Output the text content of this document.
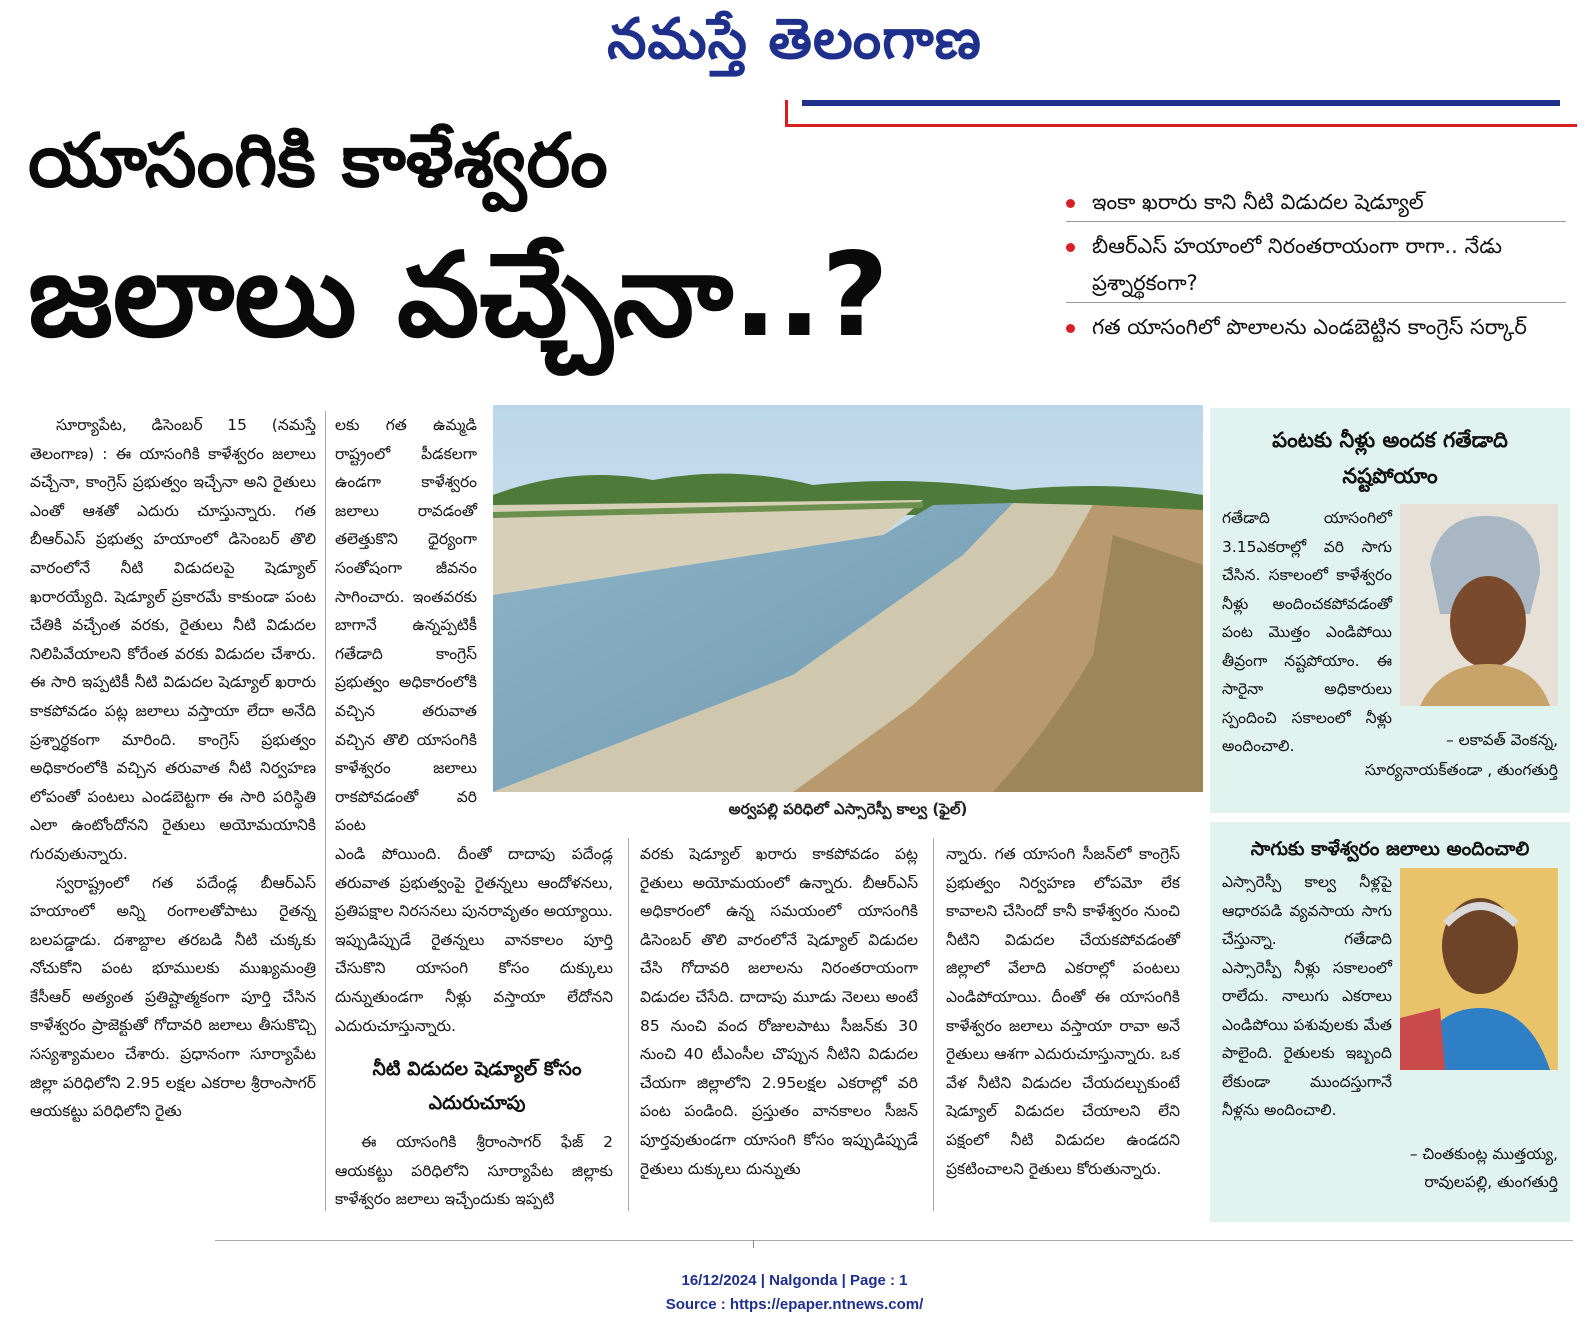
నమస్తే తెలంగాణ
యాసంగికి కాళేశ్వరం
జలాలు వచ్చేనా..?
ఇంకా ఖరారు కాని నీటి విడుదల షెడ్యూల్
బీఆర్ఎస్ హయాంలో నిరంతరాయంగా రాగా.. నేడు ప్రశ్నార్థకంగా?
గత యాసంగిలో పొలాలను ఎండబెట్టిన కాంగ్రెస్ సర్కార్

సూర్యాపేట, డిసెంబర్ 15 (నమస్తే తెలంగాణ) : ఈ యాసంగికి కాళేశ్వరం జలాలు వచ్చేనా, కాంగ్రెస్ ప్రభుత్వం ఇచ్చేనా అని రైతులు ఎంతో ఆశతో ఎదురు చూస్తున్నారు. గత బీఆర్ఎస్ ప్రభుత్వ హయాంలో డిసెంబర్ తొలి వారంలోనే నీటి విడుదలపై షెడ్యూల్ ఖరారయ్యేది. షెడ్యూల్ ప్రకారమే కాకుండా పంట చేతికి వచ్చేంత వరకు, రైతులు నీటి విడుదల నిలిపివేయాలని కోరేంత వరకు విడుదల చేశారు. ఈ సారి ఇప్పటికీ నీటి విడుదల షెడ్యూల్ ఖరారు కాకపోవడం పట్ల జలాలు వస్తాయా లేదా అనేది ప్రశ్నార్థకంగా మారింది. కాంగ్రెస్ ప్రభుత్వం అధికారంలోకి వచ్చిన తరువాత నీటి నిర్వహణ లోపంతో పంటలు ఎండబెట్టగా ఈ సారి పరిస్థితి ఎలా ఉంటోందోనని రైతులు అయోమయానికి గురవుతున్నారు.

స్వరాష్ట్రంలో గత పదేండ్ల బీఆర్ఎస్ హయాంలో అన్ని రంగాలతోపాటు రైతన్న బలపడ్డాడు. దశాబ్దాల తరబడి నీటి చుక్కకు నోచుకోని పంట భూములకు ముఖ్యమంత్రి కేసీఆర్ అత్యంత ప్రతిష్టాత్మకంగా పూర్తి చేసిన కాళేశ్వరం ప్రాజెక్టుతో గోదావరి జలాలు తీసుకొచ్చి సస్యశ్యామలం చేశారు. ప్రధానంగా సూర్యాపేట జిల్లా పరిధిలోని 2.95 లక్షల ఎకరాల శ్రీరాంసాగర్ ఆయకట్టు పరిధిలోని రైతు

లకు గత ఉమ్మడి రాష్ట్రంలో పీడకలగా ఉండగా కాళేశ్వరం జలాలు రావడంతో తలెత్తుకొని ధైర్యంగా సంతోషంగా జీవనం సాగించారు. ఇంతవరకు బాగానే ఉన్నప్పటికీ గతేడాది కాంగ్రెస్ ప్రభుత్వం అధికారంలోకి వచ్చిన తరువాత వచ్చిన తొలి యాసంగికి కాళేశ్వరం జలాలు రాకపోవడంతో వరి పంట

అర్వపల్లి పరిధిలో ఎస్సారెస్పీ కాల్వ (ఫైల్)

ఎండి పోయింది. దీంతో దాదాపు పదేండ్ల తరువాత ప్రభుత్వంపై రైతన్నలు ఆందోళనలు, ప్రతిపక్షాల నిరసనలు పునరావృతం అయ్యాయి. ఇప్పుడిప్పుడే రైతన్నలు వానకాలం పూర్తి చేసుకొని యాసంగి కోసం దుక్కులు దున్నుతుండగా నీళ్లు వస్తాయా లేదోనని ఎదురుచూస్తున్నారు.

నీటి విడుదల షెడ్యూల్ కోసం ఎదురుచూపు

ఈ యాసంగికి శ్రీరాంసాగర్ ఫేజ్ 2 ఆయకట్టు పరిధిలోని సూర్యాపేట జిల్లాకు కాళేశ్వరం జలాలు ఇచ్చేందుకు ఇప్పటి

వరకు షెడ్యూల్ ఖరారు కాకపోవడం పట్ల రైతులు అయోమయంలో ఉన్నారు. బీఆర్ఎస్ అధికారంలో ఉన్న సమయంలో యాసంగికి డిసెంబర్ తొలి వారంలోనే షెడ్యూల్ విడుదల చేసి గోదావరి జలాలను నిరంతరాయంగా విడుదల చేసేది. దాదాపు మూడు నెలలు అంటే 85 నుంచి వంద రోజులపాటు సీజన్‌కు 30 నుంచి 40 టీఎంసీల చొప్పున నీటిని విడుదల చేయగా జిల్లాలోని 2.95లక్షల ఎకరాల్లో వరి పంట పండింది. ప్రస్తుతం వానకాలం సీజన్ పూర్తవుతుండగా యాసంగి కోసం ఇప్పుడిప్పుడే రైతులు దుక్కులు దున్నుతు

న్నారు. గత యాసంగి సీజన్‌లో కాంగ్రెస్ ప్రభుత్వం నిర్వహణ లోపమో లేక కావాలని చేసిందో కానీ కాళేశ్వరం నుంచి నీటిని విడుదల చేయకపోవడంతో జిల్లాలో వేలాది ఎకరాల్లో పంటలు ఎండిపోయాయి. దీంతో ఈ యాసంగికి కాళేశ్వరం జలాలు వస్తాయా రావా అనే రైతులు ఆశగా ఎదురుచూస్తున్నారు. ఒక వేళ నీటిని విడుదల చేయదల్చుకుంటే షెడ్యూల్ విడుదల చేయాలని లేని పక్షంలో నీటి విడుదల ఉండదని ప్రకటించాలని రైతులు కోరుతున్నారు.

పంటకు నీళ్లు అందక గతేడాది నష్టపోయాం
గతేడాది యాసంగిలో 3.15ఎకరాల్లో వరి సాగు చేసిన. సకాలంలో కాళేశ్వరం నీళ్లు అందించకపోవడంతో పంట మొత్తం ఎండిపోయి తీవ్రంగా నష్టపోయాం. ఈ సారైనా అధికారులు స్పందించి సకాలంలో నీళ్లు అందించాలి.	– లకావత్ వెంకన్న,
సూర్యనాయక్‌తండా , తుంగతుర్తి
సాగుకు కాళేశ్వరం జలాలు అందించాలి
ఎస్సారెస్పీ కాల్వ నీళ్లపై ఆధారపడి వ్యవసాయ సాగు చేస్తున్నా. గతేడాది ఎస్సారెస్పీ నీళ్లు సకాలంలో రాలేదు. నాలుగు ఎకరాలు ఎండిపోయి పశువులకు మేత పాలైంది. రైతులకు ఇబ్బంది లేకుండా ముందస్తుగానే నీళ్లను అందించాలి.
– చింతకుంట్ల ముత్తయ్య,
రావులపల్లి, తుంగతుర్తి
16/12/2024 | Nalgonda | Page : 1
Source : https://epaper.ntnews.com/
